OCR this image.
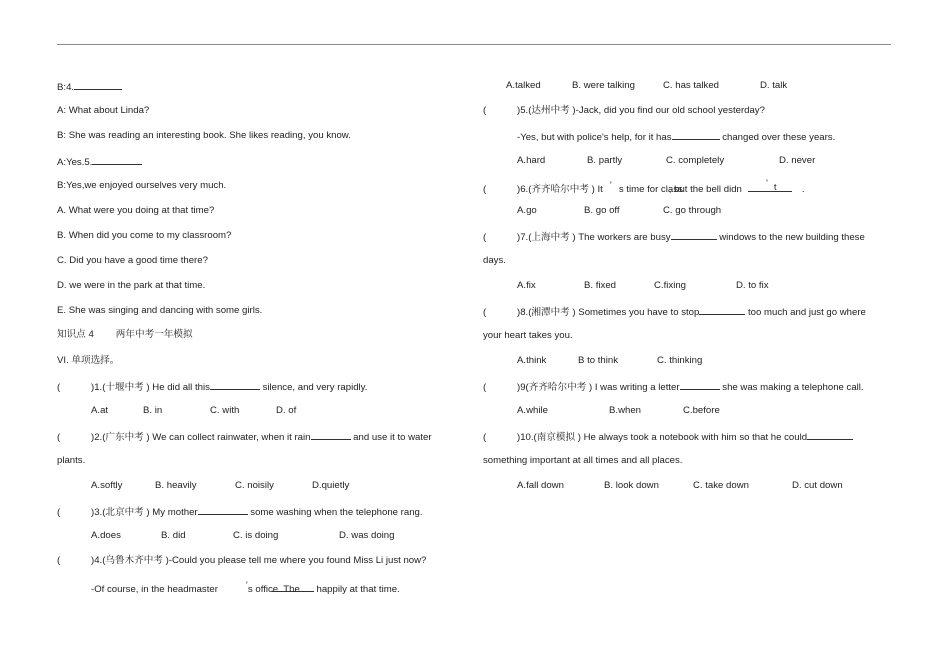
B:4.
A: What about Linda?
B: She was reading an interesting book. She likes reading, you know.
A:Yes.5.
B:Yes,we enjoyed ourselves very much.
A. What were you doing at that time?
B. When did you come to my classroom?
C. Did you have a good time there?
D. we were in the park at that time.
E. She was singing and dancing with some girls.
知识点 4 两年中考一年模拟
VI. 单项选择。
(	)1.(十堰中考 ) He did all this	silence, and very rapidly.
A.at	B. in	C. with	D. of
(	)2.(广东中考 ) We can collect rainwater, when it rain	and use it to water
plants.
A.softly	B. heavily	C. noisily	D.quietly
(	)3.(北京中考 ) My mother	some washing when the telephone rang.
A.does	B. did	C. is doing	D. was doing
(	)4.(乌鲁木齐中考 )-Could you please tell me where you found Miss Li just now?
-Of course, in the headmaster	’s office. The happily at that time.
A.talked	B. were talking	C. has talked	D. talk
(	)5.(达州中考 )-Jack, did you find our old school yesterday?
-Yes, but with police's help, for it has	changed over these years.
A.hard	B. partly	C. completely	D. never
(	)6.(齐齐哈尔中考 ) It ’ s time for class, but the bell didn
’ t	.
A.go	B. go off	C. go through
(	)7.(上海中考 ) The workers are busy	windows to the new building these
days.
A.fix	B. fixed	C.fixing	D. to fix
(	)8.(湘潭中考 ) Sometimes you have to stop	too much and just go where
your heart takes you.
A.think	B to think	C. thinking
(	)9(齐齐哈尔中考 ) I was writing a letter	she was making a telephone call.
A.while	B.when	C.before
(	)10.(南京模拟 ) He always took a notebook with him so that he could
something important at all times and all places.
A.fall down	B. look down	C. take down	D. cut down
